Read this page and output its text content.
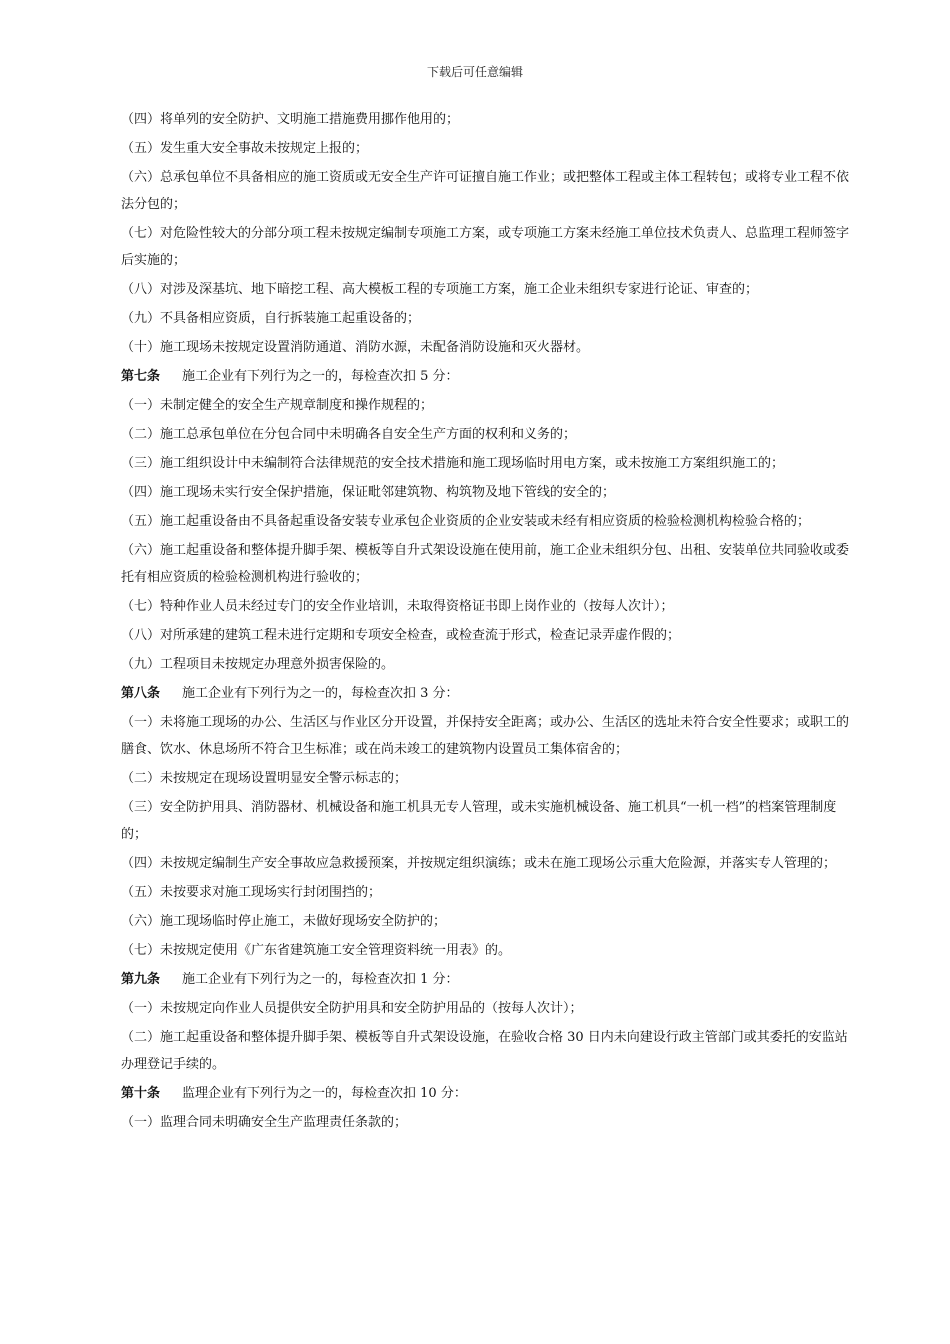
下载后可任意编辑
（四）将单列的安全防护、文明施工措施费用挪作他用的；
（五）发生重大安全事故未按规定上报的；
（六）总承包单位不具备相应的施工资质或无安全生产许可证擅自施工作业；或把整体工程或主体工程转包；或将专业工程不依法分包的；
（七）对危险性较大的分部分项工程未按规定编制专项施工方案，或专项施工方案未经施工单位技术负责人、总监理工程师签字后实施的；
（八）对涉及深基坑、地下暗挖工程、高大模板工程的专项施工方案，施工企业未组织专家进行论证、审查的；
（九）不具备相应资质，自行拆装施工起重设备的；
（十）施工现场未按规定设置消防通道、消防水源，未配备消防设施和灭火器材。
第七条 施工企业有下列行为之一的，每检查次扣 5 分：
（一）未制定健全的安全生产规章制度和操作规程的；
（二）施工总承包单位在分包合同中未明确各自安全生产方面的权利和义务的；
（三）施工组织设计中未编制符合法律规范的安全技术措施和施工现场临时用电方案，或未按施工方案组织施工的；
（四）施工现场未实行安全保护措施，保证毗邻建筑物、构筑物及地下管线的安全的；
（五）施工起重设备由不具备起重设备安装专业承包企业资质的企业安装或未经有相应资质的检验检测机构检验合格的；
（六）施工起重设备和整体提升脚手架、模板等自升式架设设施在使用前，施工企业未组织分包、出租、安装单位共同验收或委托有相应资质的检验检测机构进行验收的；
（七）特种作业人员未经过专门的安全作业培训，未取得资格证书即上岗作业的（按每人次计）；
（八）对所承建的建筑工程未进行定期和专项安全检查，或检查流于形式，检查记录弄虚作假的；
（九）工程项目未按规定办理意外损害保险的。
第八条 施工企业有下列行为之一的，每检查次扣 3 分：
（一）未将施工现场的办公、生活区与作业区分开设置，并保持安全距离；或办公、生活区的选址未符合安全性要求；或职工的膳食、饮水、休息场所不符合卫生标准；或在尚未竣工的建筑物内设置员工集体宿舍的；
（二）未按规定在现场设置明显安全警示标志的；
（三）安全防护用具、消防器材、机械设备和施工机具无专人管理，或未实施机械设备、施工机具“一机一档”的档案管理制度的；
（四）未按规定编制生产安全事故应急救援预案，并按规定组织演练；或未在施工现场公示重大危险源，并落实专人管理的；
（五）未按要求对施工现场实行封闭围挡的；
（六）施工现场临时停止施工，未做好现场安全防护的；
（七）未按规定使用《广东省建筑施工安全管理资料统一用表》的。
第九条 施工企业有下列行为之一的，每检查次扣 1 分：
（一）未按规定向作业人员提供安全防护用具和安全防护用品的（按每人次计）；
（二）施工起重设备和整体提升脚手架、模板等自升式架设设施，在验收合格 30 日内未向建设行政主管部门或其委托的安监站办理登记手续的。
第十条 监理企业有下列行为之一的，每检查次扣 10 分：
（一）监理合同未明确安全生产监理责任条款的；
